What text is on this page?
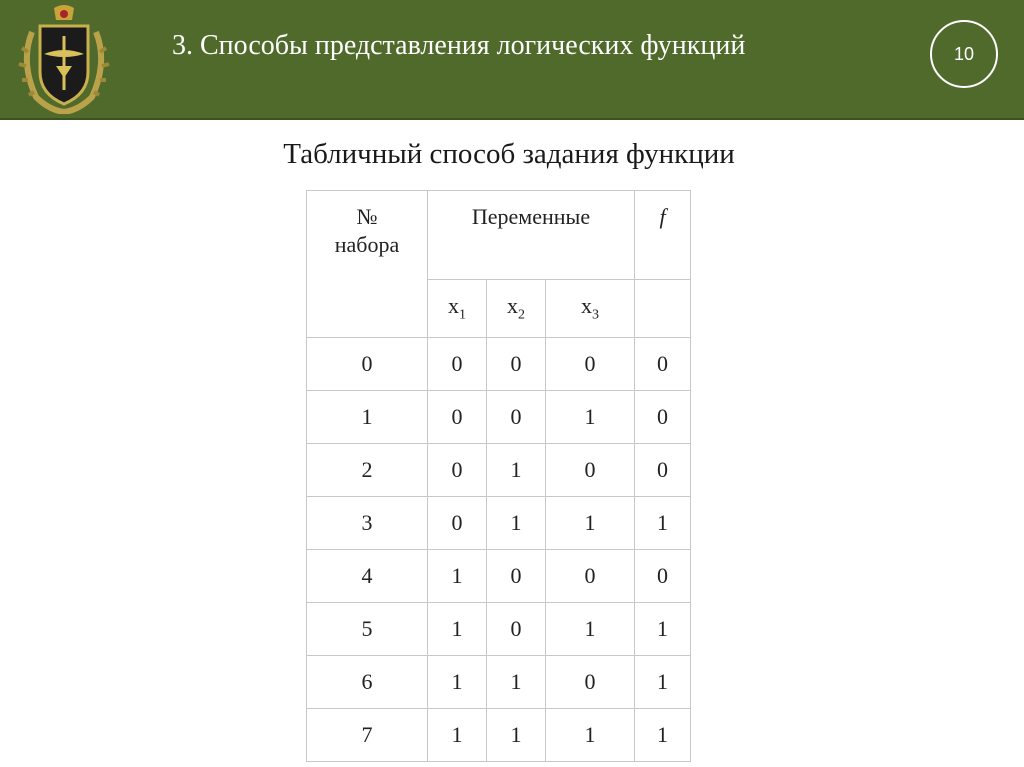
3. Способы представления логических функций	10
Табличный способ задания функции
№
набора	Переменные			f

	$x_1$	$x_2$	$x_3$	
0	0	0	0	0
1	0	0	1	0
2	0	1	0	0
3	0	1	1	1
4	1	0	0	0
5	1	0	1	1
6	1	1	0	1
7	1	1	1	1
